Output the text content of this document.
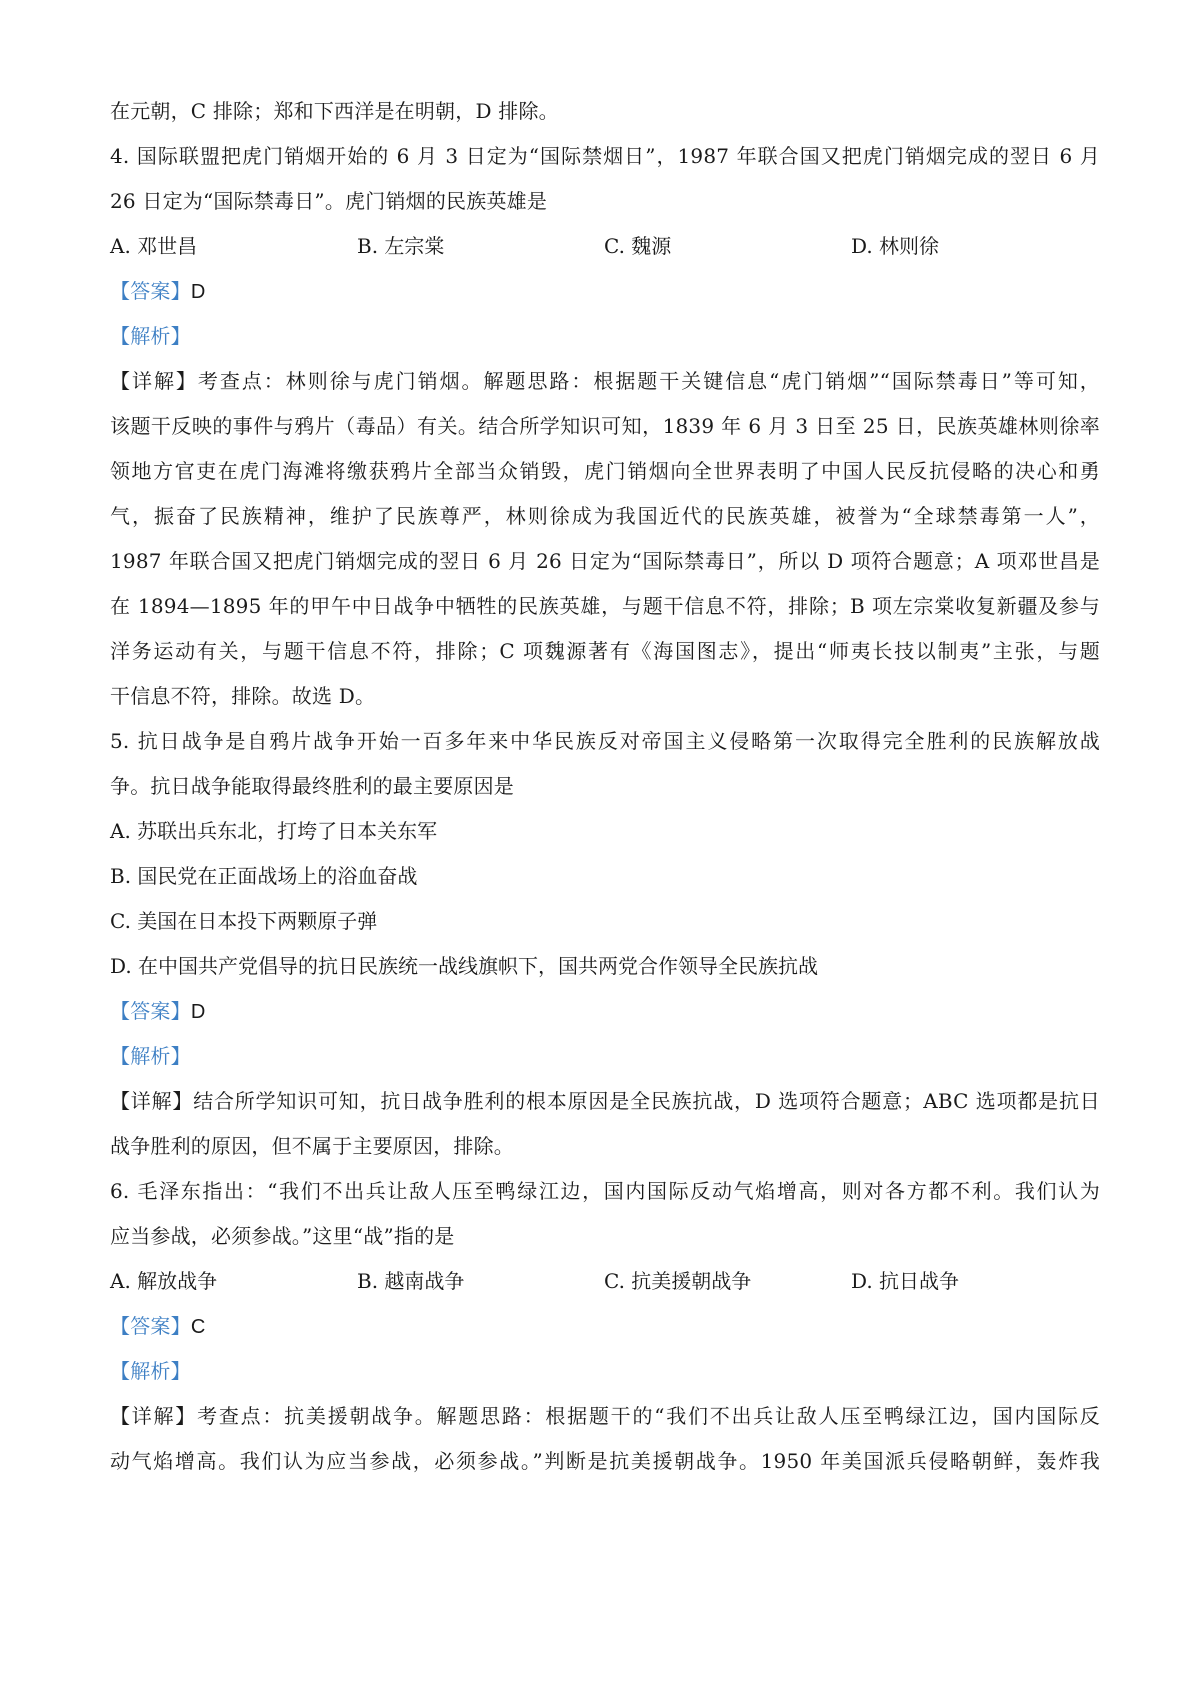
在元朝，C 排除；郑和下西洋是在明朝，D 排除。
4. 国际联盟把虎门销烟开始的 6 月 3 日定为“国际禁烟日”，1987 年联合国又把虎门销烟完成的翌日 6 月
26 日定为“国际禁毒日”。虎门销烟的民族英雄是
A. 邓世昌	B. 左宗棠	C. 魏源	D. 林则徐
【答案】D
【解析】
【详解】考查点：林则徐与虎门销烟。解题思路：根据题干关键信息“虎门销烟”“国际禁毒日”等可知，
该题干反映的事件与鸦片（毒品）有关。结合所学知识可知，1839 年 6 月 3 日至 25 日，民族英雄林则徐率
领地方官吏在虎门海滩将缴获鸦片全部当众销毁，虎门销烟向全世界表明了中国人民反抗侵略的决心和勇
气，振奋了民族精神，维护了民族尊严，林则徐成为我国近代的民族英雄，被誉为“全球禁毒第一人”，
1987 年联合国又把虎门销烟完成的翌日 6 月 26 日定为“国际禁毒日”，所以 D 项符合题意；A 项邓世昌是
在 1894—1895 年的甲午中日战争中牺牲的民族英雄，与题干信息不符，排除；B 项左宗棠收复新疆及参与
洋务运动有关，与题干信息不符，排除；C 项魏源著有《海国图志》，提出“师夷长技以制夷”主张，与题
干信息不符，排除。故选 D。
5. 抗日战争是自鸦片战争开始一百多年来中华民族反对帝国主义侵略第一次取得完全胜利的民族解放战
争。抗日战争能取得最终胜利的最主要原因是
A. 苏联出兵东北，打垮了日本关东军
B. 国民党在正面战场上的浴血奋战
C. 美国在日本投下两颗原子弹
D. 在中国共产党倡导的抗日民族统一战线旗帜下，国共两党合作领导全民族抗战
【答案】D
【解析】
【详解】结合所学知识可知，抗日战争胜利的根本原因是全民族抗战，D 选项符合题意；ABC 选项都是抗日
战争胜利的原因，但不属于主要原因，排除。
6. 毛泽东指出：“我们不出兵让敌人压至鸭绿江边，国内国际反动气焰增高，则对各方都不利。我们认为
应当参战，必须参战。”这里“战”指的是
A. 解放战争	B. 越南战争	C. 抗美援朝战争	D. 抗日战争
【答案】C
【解析】
【详解】考查点：抗美援朝战争。解题思路：根据题干的“我们不出兵让敌人压至鸭绿江边，国内国际反
动气焰增高。我们认为应当参战，必须参战。”判断是抗美援朝战争。1950 年美国派兵侵略朝鲜，轰炸我
